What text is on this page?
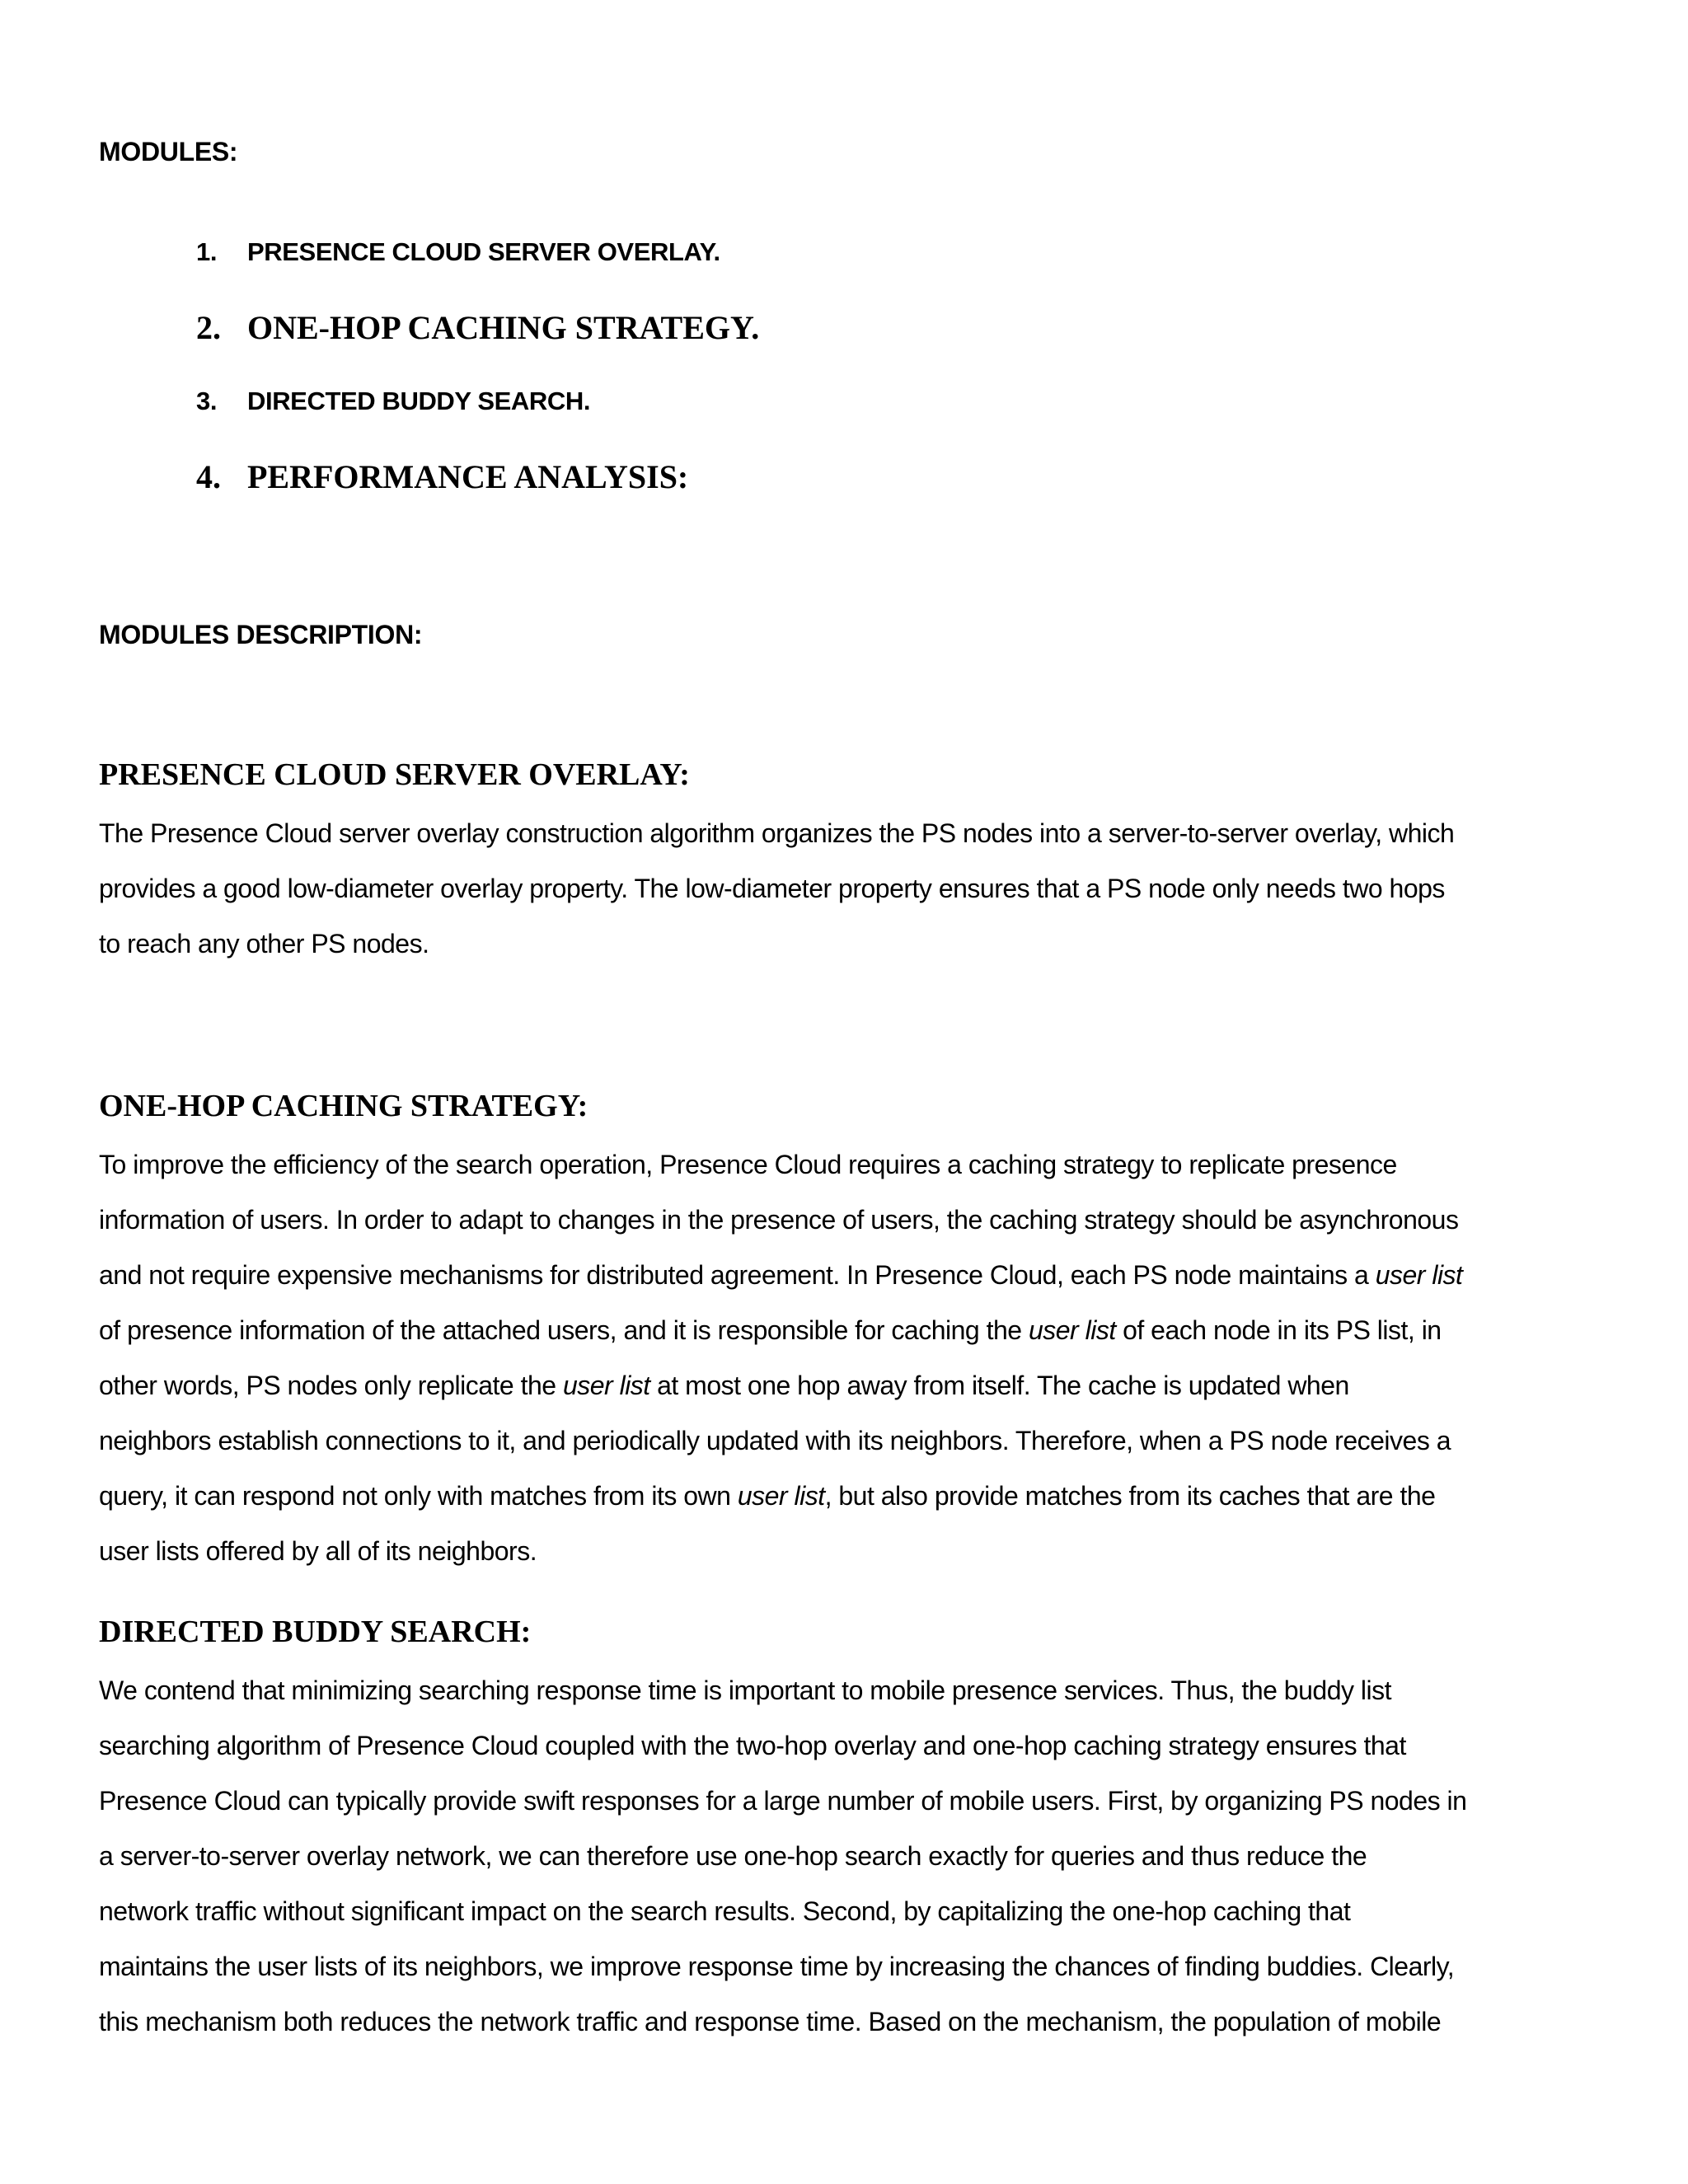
MODULES:
1. PRESENCE CLOUD SERVER OVERLAY.
2. ONE-HOP CACHING STRATEGY.
3. DIRECTED BUDDY SEARCH.
4. PERFORMANCE ANALYSIS:
MODULES DESCRIPTION:
PRESENCE CLOUD SERVER OVERLAY:

The Presence Cloud server overlay construction algorithm organizes the PS nodes into a server-to-server overlay, which
provides a good low-diameter overlay property. The low-diameter property ensures that a PS node only needs two hops
to reach any other PS nodes.

ONE-HOP CACHING STRATEGY:

To improve the efficiency of the search operation, Presence Cloud requires a caching strategy to replicate presence
information of users. In order to adapt to changes in the presence of users, the caching strategy should be asynchronous
and not require expensive mechanisms for distributed agreement. In Presence Cloud, each PS node maintains a user list
of presence information of the attached users, and it is responsible for caching the user list of each node in its PS list, in
other words, PS nodes only replicate the user list at most one hop away from itself. The cache is updated when
neighbors establish connections to it, and periodically updated with its neighbors. Therefore, when a PS node receives a
query, it can respond not only with matches from its own user list, but also provide matches from its caches that are the
user lists offered by all of its neighbors.

DIRECTED BUDDY SEARCH:

We contend that minimizing searching response time is important to mobile presence services. Thus, the buddy list
searching algorithm of Presence Cloud coupled with the two-hop overlay and one-hop caching strategy ensures that
Presence Cloud can typically provide swift responses for a large number of mobile users. First, by organizing PS nodes in
a server-to-server overlay network, we can therefore use one-hop search exactly for queries and thus reduce the
network traffic without significant impact on the search results. Second, by capitalizing the one-hop caching that
maintains the user lists of its neighbors, we improve response time by increasing the chances of finding buddies. Clearly,
this mechanism both reduces the network traffic and response time. Based on the mechanism, the population of mobile
